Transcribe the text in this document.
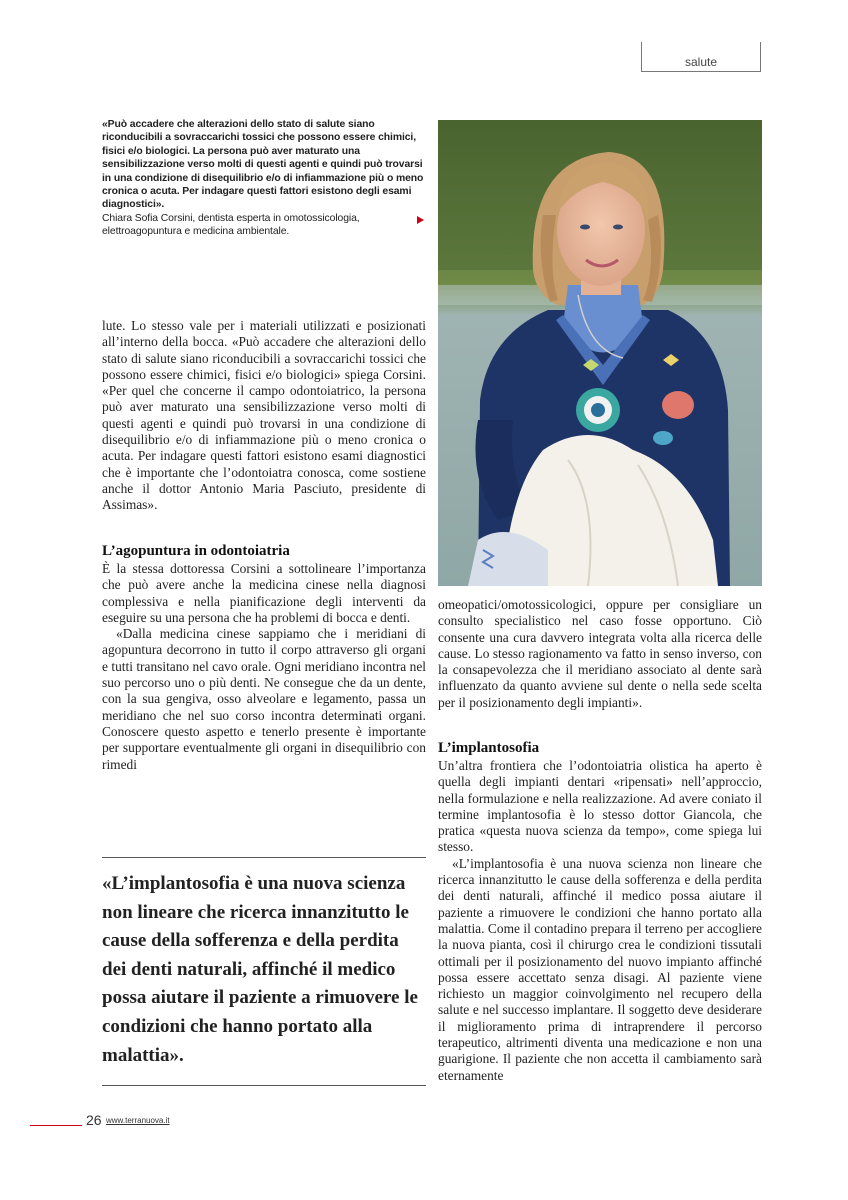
salute
«Può accadere che alterazioni dello stato di salute siano riconducibili a sovraccarichi tossici che possono essere chimici, fisici e/o biologici. La persona può aver maturato una sensibilizzazione verso molti di questi agenti e quindi può trovarsi in una condizione di disequilibrio e/o di infiammazione più o meno cronica o acuta. Per indagare questi fattori esistono degli esami diagnostici».
Chiara Sofia Corsini, dentista esperta in omotossicologia, elettroagopuntura e medicina ambientale.

lute. Lo stesso vale per i materiali utilizzati e posizionati all’interno della bocca. «Può accadere che alterazioni dello stato di salute siano riconducibili a sovraccarichi tossici che possono essere chimici, fisici e/o biologici» spiega Corsini. «Per quel che concerne il campo odontoiatrico, la persona può aver maturato una sensibilizzazione verso molti di questi agenti e quindi può trovarsi in una condizione di disequilibrio e/o di infiammazione più o meno cronica o acuta. Per indagare questi fattori esistono esami diagnostici che è importante che l’odontoiatra conosca, come sostiene anche il dottor Antonio Maria Pasciuto, presidente di Assimas».

L’agopuntura in odontoiatria

È la stessa dottoressa Corsini a sottolineare l’importanza che può avere anche la medicina cinese nella diagnosi complessiva e nella pianificazione degli interventi da eseguire su una persona che ha problemi di bocca e denti.

«Dalla medicina cinese sappiamo che i meridiani di agopuntura decorrono in tutto il corpo attraverso gli organi e tutti transitano nel cavo orale. Ogni meridiano incontra nel suo percorso uno o più denti. Ne consegue che da un dente, con la sua gengiva, osso alveolare e legamento, passa un meridiano che nel suo corso incontra determinati organi. Conoscere questo aspetto e tenerlo presente è importante per supportare eventualmente gli organi in disequilibrio con rimedi

omeopatici/omotossicologici, oppure per consigliare un consulto specialistico nel caso fosse opportuno. Ciò consente una cura davvero integrata volta alla ricerca delle cause. Lo stesso ragionamento va fatto in senso inverso, con la consapevolezza che il meridiano associato al dente sarà influenzato da quanto avviene sul dente o nella sede scelta per il posizionamento degli impianti».

L’implantosofia

Un’altra frontiera che l’odontoiatria olistica ha aperto è quella degli impianti dentari «ripensati» nell’approccio, nella formulazione e nella realizzazione. Ad avere coniato il termine implantosofia è lo stesso dottor Giancola, che pratica «questa nuova scienza da tempo», come spiega lui stesso.

«L’implantosofia è una nuova scienza non lineare che ricerca innanzitutto le cause della sofferenza e della perdita dei denti naturali, affinché il medico possa aiutare il paziente a rimuovere le condizioni che hanno portato alla malattia. Come il contadino prepara il terreno per accogliere la nuova pianta, così il chirurgo crea le condizioni tissutali ottimali per il posizionamento del nuovo impianto affinché possa essere accettato senza disagi. Al paziente viene richiesto un maggior coinvolgimento nel recupero della salute e nel successo implantare. Il soggetto deve desiderare il miglioramento prima di intraprendere il percorso terapeutico, altrimenti diventa una medicazione e non una guarigione. Il paziente che non accetta il cambiamento sarà eternamente

«L’implantosofia è una nuova scienza non lineare che ricerca innanzitutto le cause della sofferenza e della perdita dei denti naturali, affinché il medico possa aiutare il paziente a rimuovere le condizioni che hanno portato alla malattia».
26 www.terranuova.it
